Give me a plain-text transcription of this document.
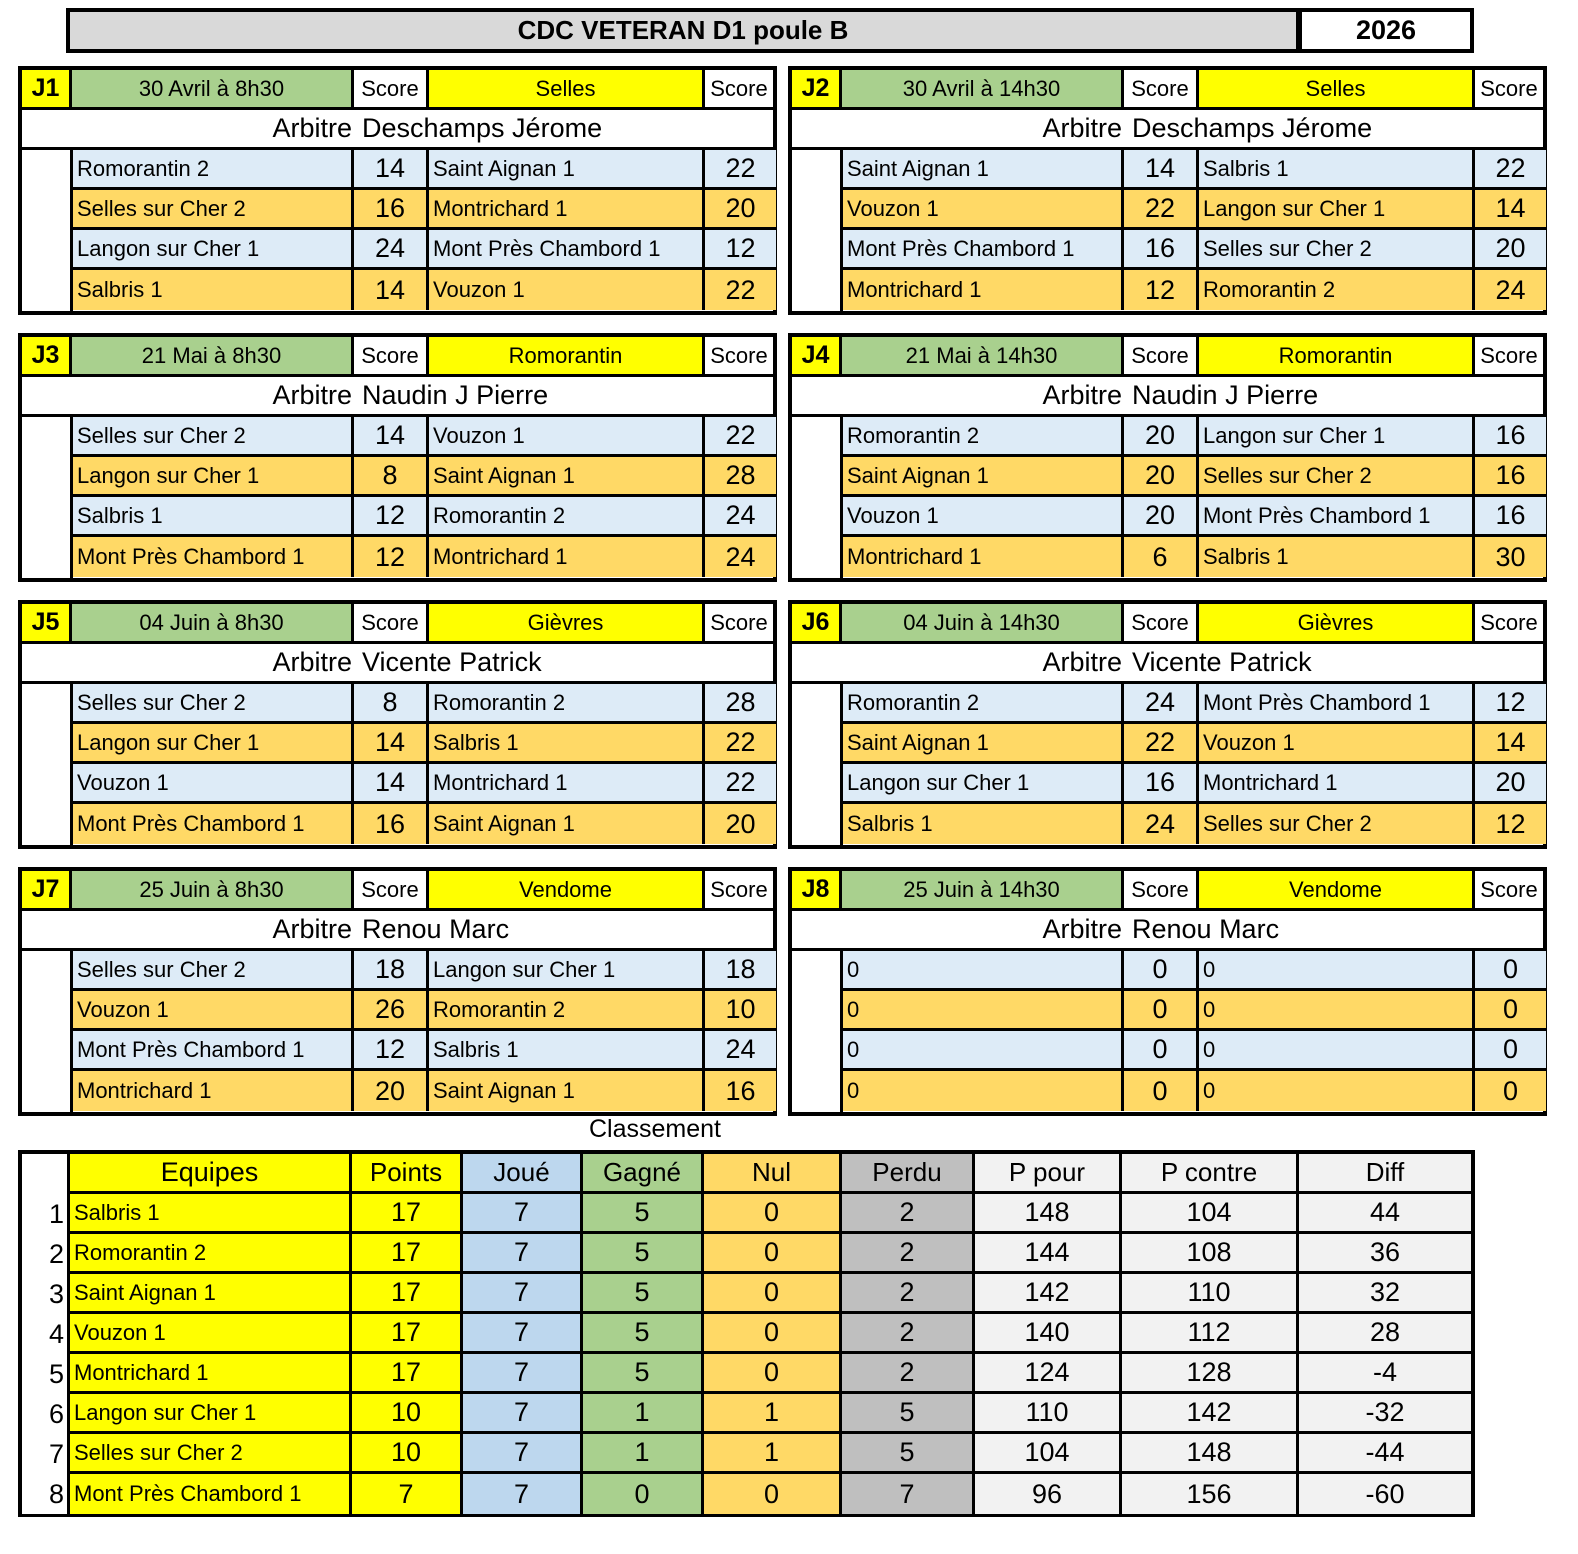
CDC VETERAN D1 poule B	2026
J1	30 Avril à 8h30	Score	Selles	Score
Arbitre Deschamps Jérome
Romorantin 2	14	Saint Aignan 1	22
Selles sur Cher 2	16	Montrichard 1	20
Langon sur Cher 1	24	Mont Près Chambord 1	12
Salbris 1	14	Vouzon 1	22
J2	30 Avril à 14h30	Score	Selles	Score
Arbitre Deschamps Jérome
Saint Aignan 1	14	Salbris 1	22
Vouzon 1	22	Langon sur Cher 1	14
Mont Près Chambord 1	16	Selles sur Cher 2	20
Montrichard 1	12	Romorantin 2	24
J3	21 Mai à 8h30	Score	Romorantin	Score
Arbitre Naudin J Pierre
Selles sur Cher 2	14	Vouzon 1	22
Langon sur Cher 1	8	Saint Aignan 1	28
Salbris 1	12	Romorantin 2	24
Mont Près Chambord 1	12	Montrichard 1	24
J4	21 Mai à 14h30	Score	Romorantin	Score
Arbitre Naudin J Pierre
Romorantin 2	20	Langon sur Cher 1	16
Saint Aignan 1	20	Selles sur Cher 2	16
Vouzon 1	20	Mont Près Chambord 1	16
Montrichard 1	6	Salbris 1	30
J5	04 Juin à 8h30	Score	Gièvres	Score
Arbitre Vicente Patrick
Selles sur Cher 2	8	Romorantin 2	28
Langon sur Cher 1	14	Salbris 1	22
Vouzon 1	14	Montrichard 1	22
Mont Près Chambord 1	16	Saint Aignan 1	20
J6	04 Juin à 14h30	Score	Gièvres	Score
Arbitre Vicente Patrick
Romorantin 2	24	Mont Près Chambord 1	12
Saint Aignan 1	22	Vouzon 1	14
Langon sur Cher 1	16	Montrichard 1	20
Salbris 1	24	Selles sur Cher 2	12
J7	25 Juin à 8h30	Score	Vendome	Score
Arbitre Renou Marc
Selles sur Cher 2	18	Langon sur Cher 1	18
Vouzon 1	26	Romorantin 2	10
Mont Près Chambord 1	12	Salbris 1	24
Montrichard 1	20	Saint Aignan 1	16
J8	25 Juin à 14h30	Score	Vendome	Score
Arbitre Renou Marc
0	0	0	0
0	0	0	0
0	0	0	0
0	0	0	0
Classement
Equipes	Points	Joué	Gagné	Nul	Perdu	P pour	P contre	Diff
1 Salbris 1	17	7	5	0	2	148	104	44
2 Romorantin 2	17	7	5	0	2	144	108	36
3 Saint Aignan 1	17	7	5	0	2	142	110	32
4 Vouzon 1	17	7	5	0	2	140	112	28
5 Montrichard 1	17	7	5	0	2	124	128	-4
6 Langon sur Cher 1	10	7	1	1	5	110	142	-32
7 Selles sur Cher 2	10	7	1	1	5	104	148	-44
8 Mont Près Chambord 1	7	7	0	0	7	96	156	-60
